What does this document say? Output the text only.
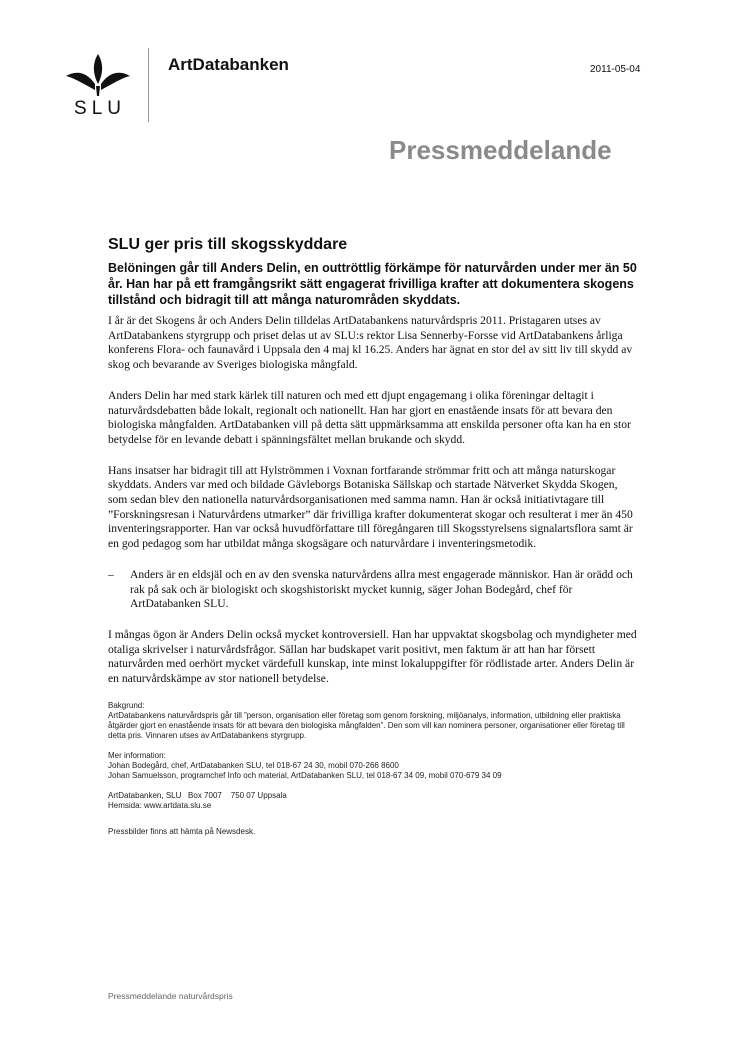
SLU
ArtDatabanken	2011-05-04
Pressmeddelande
SLU ger pris till skogsskyddare
Belöningen går till Anders Delin, en outtröttlig förkämpe för naturvården under mer än 50 år. Han har på ett framgångsrikt sätt engagerat frivilliga krafter att dokumentera skogens tillstånd och bidragit till att många naturområden skyddats.

I år är det Skogens år och Anders Delin tilldelas ArtDatabankens naturvårdspris 2011. Pristagaren utses av ArtDatabankens styrgrupp och priset delas ut av SLU:s rektor Lisa Sennerby-Forsse vid ArtDatabankens årliga konferens Flora- och faunavård i Uppsala den 4 maj kl 16.25. Anders har ägnat en stor del av sitt liv till skydd av skog och bevarande av Sveriges biologiska mångfald.

Anders Delin har med stark kärlek till naturen och med ett djupt engagemang i olika föreningar deltagit i naturvårdsdebatten både lokalt, regionalt och nationellt. Han har gjort en enastående insats för att bevara den biologiska mångfalden. ArtDatabanken vill på detta sätt uppmärksamma att enskilda personer ofta kan ha en stor betydelse för en levande debatt i spänningsfältet mellan brukande och skydd.

Hans insatser har bidragit till att Hylströmmen i Voxnan fortfarande strömmar fritt och att många naturskogar skyddats. Anders var med och bildade Gävleborgs Botaniska Sällskap och startade Nätverket Skydda Skogen, som sedan blev den nationella naturvårdsorganisationen med samma namn. Han är också initiativtagare till ”Forskningsresan i Naturvårdens utmarker” där frivilliga krafter dokumenterat skogar och resulterat i mer än 450 inventeringsrapporter. Han var också huvudförfattare till föregångaren till Skogsstyrelsens signalartsflora samt är en god pedagog som har utbildat många skogsägare och naturvårdare i inventeringsmetodik.

– Anders är en eldsjäl och en av den svenska naturvårdens allra mest engagerade människor. Han är orädd och rak på sak och är biologiskt och skogshistoriskt mycket kunnig, säger Johan Bodegård, chef för ArtDatabanken SLU.

I mångas ögon är Anders Delin också mycket kontroversiell. Han har uppvaktat skogsbolag och myndigheter med otaliga skrivelser i naturvårdsfrågor. Sällan har budskapet varit positivt, men faktum är att han har försett naturvården med oerhört mycket värdefull kunskap, inte minst lokaluppgifter för rödlistade arter. Anders Delin är en naturvårdskämpe av stor nationell betydelse.

Bakgrund:
ArtDatabankens naturvårdspris går till ”person, organisation eller företag som genom forskning, miljöanalys, information, utbildning eller praktiska åtgärder gjort en enastående insats för att bevara den biologiska mångfalden”. Den som vill kan nominera personer, organisationer eller företag till detta pris. Vinnaren utses av ArtDatabankens styrgrupp.
Mer information:
Johan Bodegård, chef, ArtDatabanken SLU, tel 018-67 24 30, mobil 070-266 8600
Johan Samuelsson, programchef Info och material, ArtDatabanken SLU, tel 018-67 34 09, mobil 070-679 34 09
ArtDatabanken, SLU   Box 7007    750 07 Uppsala
Hemsida: www.artdata.slu.se
Pressbilder finns att hämta på Newsdesk.
Pressmeddelande naturvårdspris
